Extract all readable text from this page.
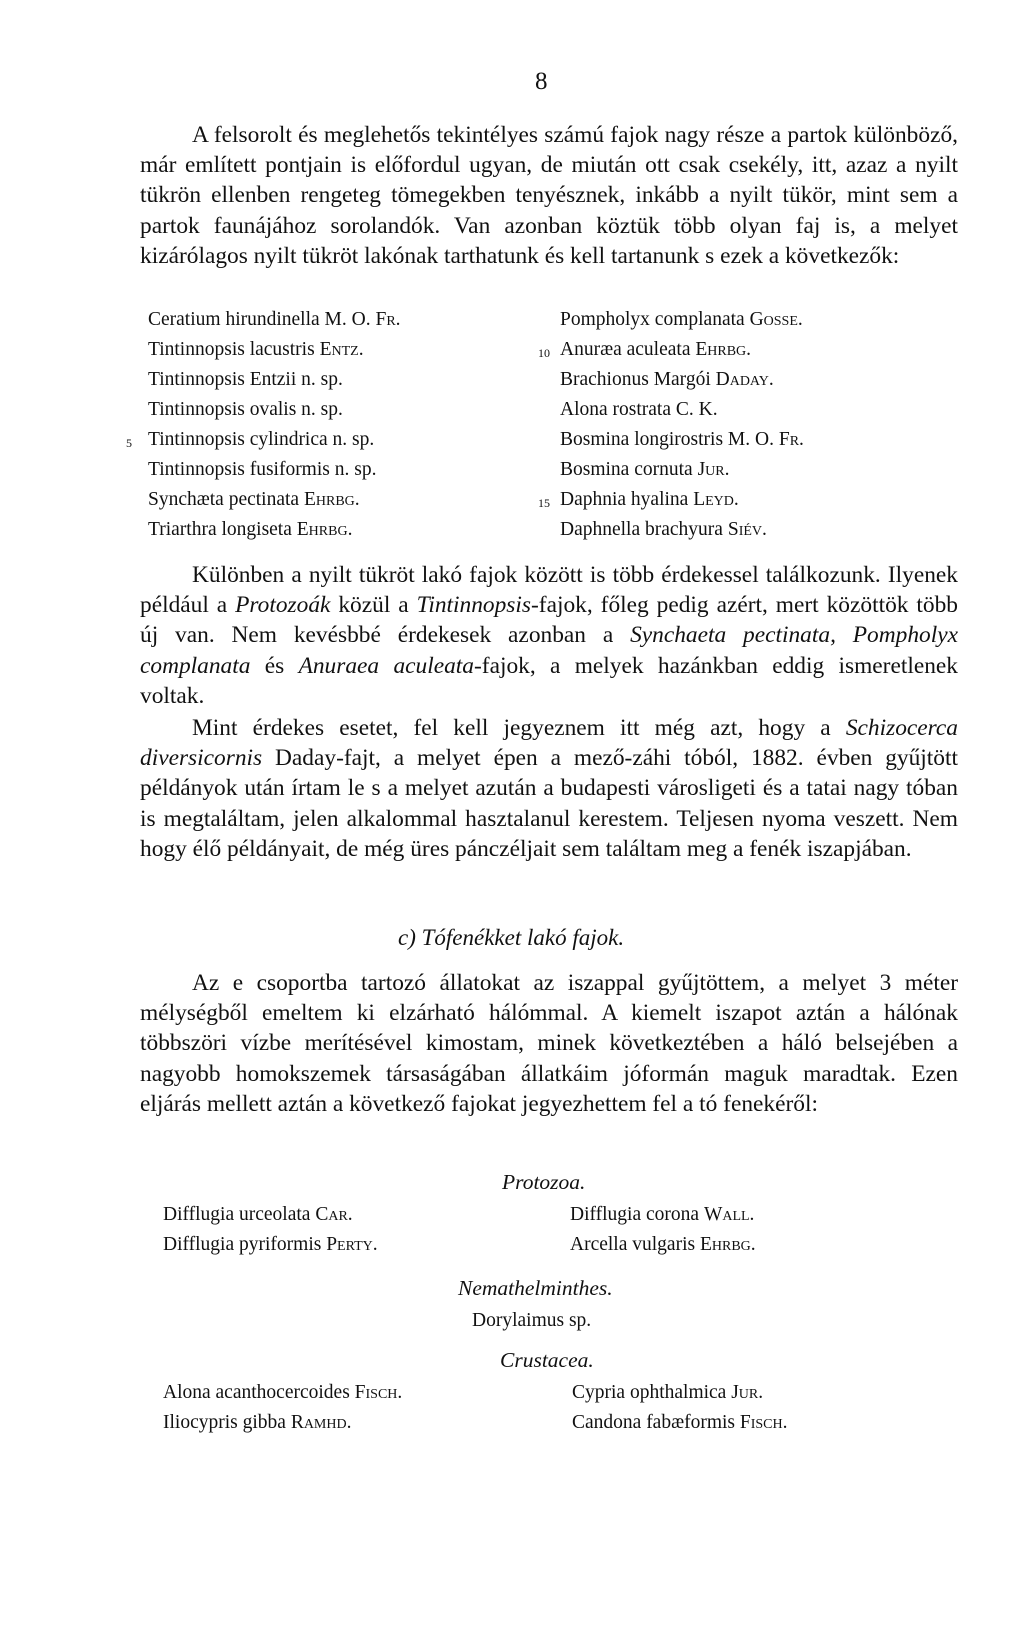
8

A felsorolt és meglehetős tekintélyes számú fajok nagy része a partok különböző, már említett pontjain is előfordul ugyan, de miután ott csak csekély, itt, azaz a nyilt tükrön ellenben rengeteg tömegekben tenyésznek, inkább a nyilt tükör, mint sem a partok faunájához sorolandók. Van azonban köztük több olyan faj is, a melyet kizárólagos nyilt tükröt lakónak tarthatunk és kell tartanunk s ezek a következők:

Ceratium hirundinella M. O. Fr.
Tintinnopsis lacustris Entz.
Tintinnopsis Entzii n. sp.
Tintinnopsis ovalis n. sp.
5 Tintinnopsis cylindrica n. sp.
Tintinnopsis fusiformis n. sp.
Synchæta pectinata Ehrbg.
Triarthra longiseta Ehrbg.
Pompholyx complanata Gosse.
10 Anuræa aculeata Ehrbg.
Brachionus Margói Daday.
Alona rostrata C. K.
Bosmina longirostris M. O. Fr.
Bosmina cornuta Jur.
15 Daphnia hyalina Leyd.
Daphnella brachyura Siév.

Különben a nyilt tükröt lakó fajok között is több érdekessel találkozunk. Ilyenek például a Protozoák közül a Tintinnopsis-fajok, főleg pedig azért, mert közöttök több új van. Nem kevésbbé érdekesek azonban a Synchaeta pectinata, Pompholyx complanata és Anuraea aculeata-fajok, a melyek hazánkban eddig ismeretlenek voltak.

Mint érdekes esetet, fel kell jegyeznem itt még azt, hogy a Schizocerca diversicornis Daday-fajt, a melyet épen a mező-záhi tóból, 1882. évben gyűjtött példányok után írtam le s a melyet azután a budapesti városligeti és a tatai nagy tóban is megtaláltam, jelen alkalommal hasztalanul kerestem. Teljesen nyoma veszett. Nem hogy élő példányait, de még üres pánczéljait sem találtam meg a fenék iszapjában.

c) Tófenékket lakó fajok.

Az e csoportba tartozó állatokat az iszappal gyűjtöttem, a melyet 3 méter mélységből emeltem ki elzárható hálómmal. A kiemelt iszapot aztán a hálónak többszöri vízbe merítésével kimostam, minek következtében a háló belsejében a nagyobb homokszemek társaságában állatkáim jóformán maguk maradtak. Ezen eljárás mellett aztán a következő fajokat jegyezhettem fel a tó fenekéről:

Protozoa.
Difflugia urceolata Car.
Difflugia pyriformis Perty.
Difflugia corona Wall.
Arcella vulgaris Ehrbg.
Nemathelminthes.
Dorylaimus sp.
Crustacea.
Alona acanthocercoides Fisch.
Iliocypris gibba Ramhd.
Cypria ophthalmica Jur.
Candona fabæformis Fisch.
